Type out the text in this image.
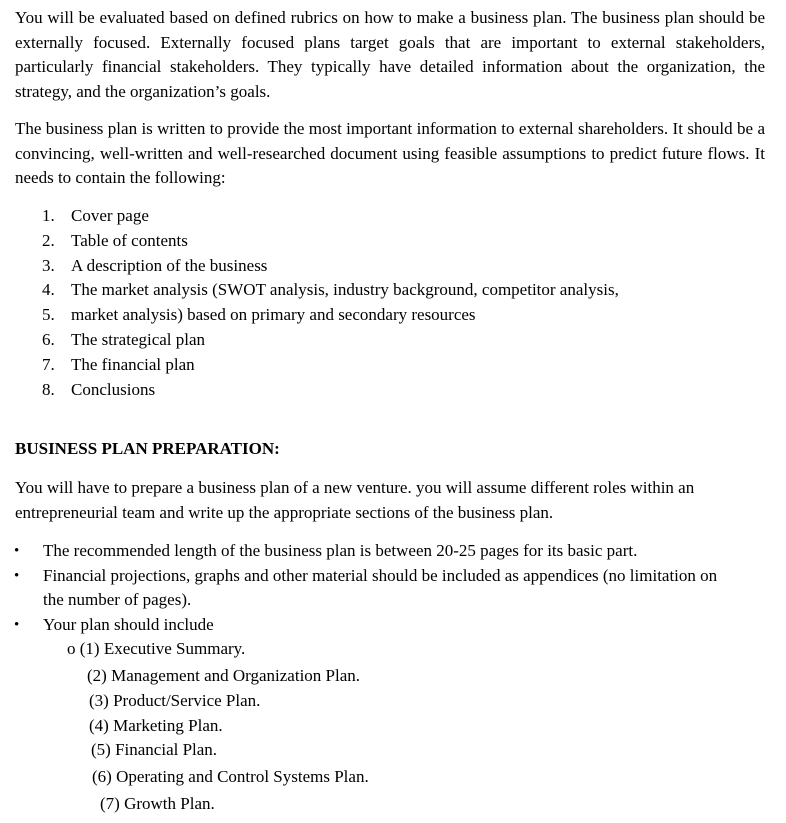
You will be evaluated based on defined rubrics on how to make a business plan. The business plan should be externally focused. Externally focused plans target goals that are important to external stakeholders, particularly financial stakeholders. They typically have detailed information about the organization, the strategy, and the organization’s goals.

The business plan is written to provide the most important information to external shareholders. It should be a convincing, well-written and well-researched document using feasible assumptions to predict future flows. It needs to contain the following:

1. Cover page
2. Table of contents
3. A description of the business
4. The market analysis (SWOT analysis, industry background, competitor analysis,
5. market analysis) based on primary and secondary resources
6. The strategical plan
7. The financial plan
8. Conclusions
BUSINESS PLAN PREPARATION:

You will have to prepare a business plan of a new venture. you will assume different roles within an entrepreneurial team and write up the appropriate sections of the business plan.

• The recommended length of the business plan is between 20-25 pages for its basic part.
• Financial projections, graphs and other material should be included as appendices (no limitation on the number of pages).
• Your plan should include
o (1) Executive Summary.
(2) Management and Organization Plan.
(3) Product/Service Plan.
(4) Marketing Plan.
(5) Financial Plan.
(6) Operating and Control Systems Plan.
(7) Growth Plan.
